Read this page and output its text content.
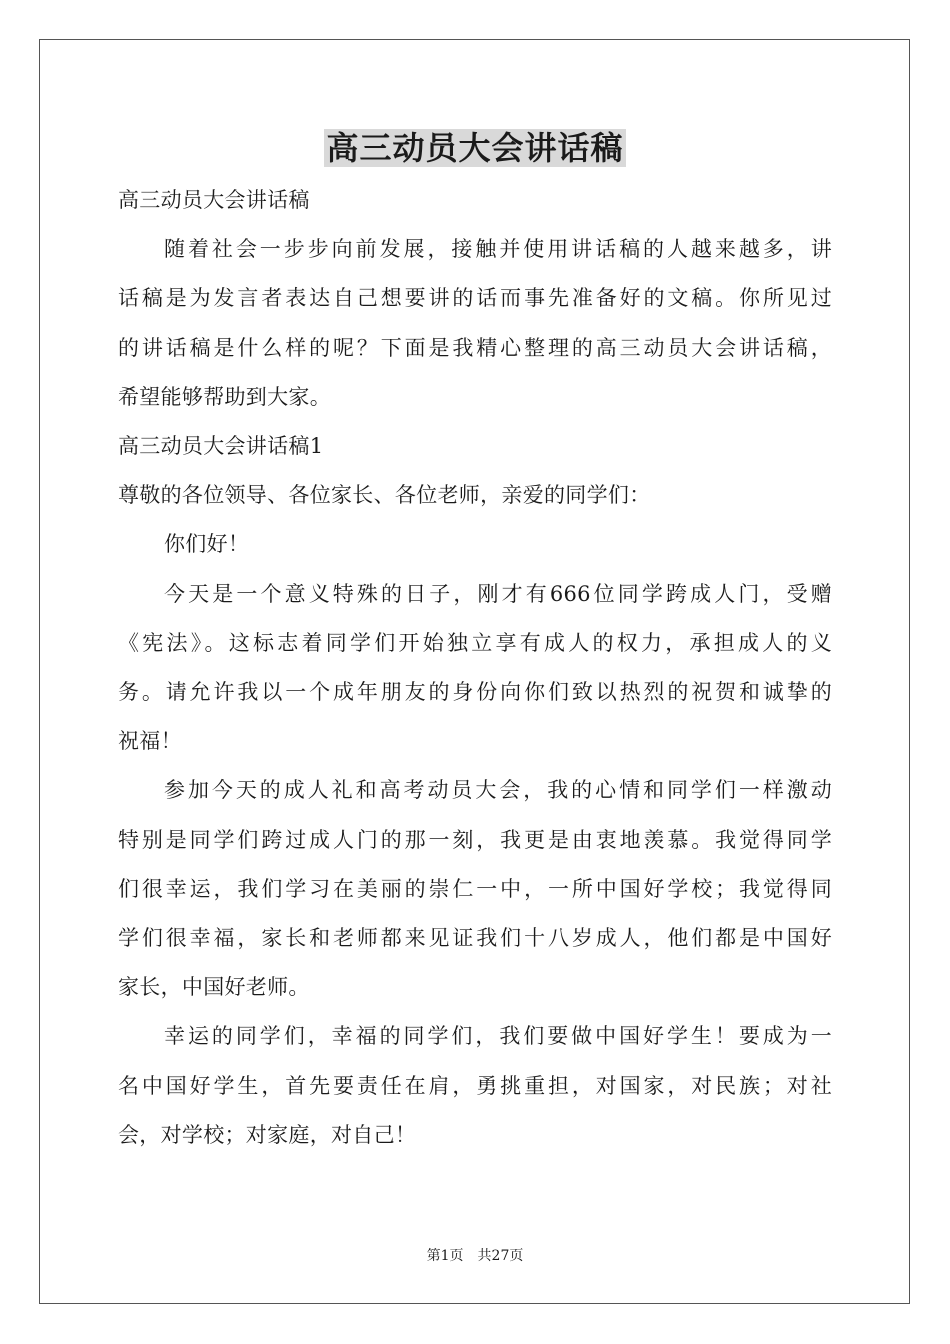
高三动员大会讲话稿

高三动员大会讲话稿

随着社会一步步向前发展，接触并使用讲话稿的人越来越多，讲

话稿是为发言者表达自己想要讲的话而事先准备好的文稿。你所见过

的讲话稿是什么样的呢？下面是我精心整理的高三动员大会讲话稿，

希望能够帮助到大家。

高三动员大会讲话稿1

尊敬的各位领导、各位家长、各位老师，亲爱的同学们：

你们好！

今天是一个意义特殊的日子，刚才有666位同学跨成人门，受赠

《宪法》。这标志着同学们开始独立享有成人的权力，承担成人的义

务。请允许我以一个成年朋友的身份向你们致以热烈的祝贺和诚挚的

祝福！

参加今天的成人礼和高考动员大会，我的心情和同学们一样激动

特别是同学们跨过成人门的那一刻，我更是由衷地羡慕。我觉得同学

们很幸运，我们学习在美丽的崇仁一中，一所中国好学校；我觉得同

学们很幸福，家长和老师都来见证我们十八岁成人，他们都是中国好

家长，中国好老师。

幸运的同学们，幸福的同学们，我们要做中国好学生！要成为一

名中国好学生，首先要责任在肩，勇挑重担，对国家，对民族；对社

会，对学校；对家庭，对自己！

第1页 共27页
